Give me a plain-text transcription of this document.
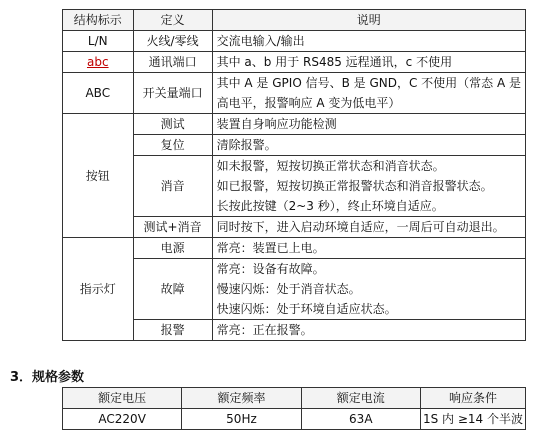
结构标示	定义	说明
L/N	火线/零线	交流电输入/输出
abc	通讯端口	其中 a、b 用于 RS485 远程通讯，c 不使用
ABC	开关量端口	其中 A 是 GPIO 信号、B 是 GND，C 不使用（常态 A 是
高电平，报警响应 A 变为低电平）

按钮	测试	装置自身响应功能检测
	复位	清除报警。
	消音	如未报警，短按切换正常状态和消音状态。
如已报警，短按切换正常报警状态和消音报警状态。
长按此按键（2~3 秒），终止环境自适应。

	测试+消音	同时按下，进入启动环境自适应，一周后可自动退出。
指示灯	电源	常亮：装置已上电。
	故障	常亮：设备有故障。
慢速闪烁：处于消音状态。
快速闪烁：处于环境自适应状态。

	报警	常亮：正在报警。
3．规格参数
额定电压	额定频率	额定电流	响应条件
AC220V	50Hz	63A	1S 内 ≥14 个半波
